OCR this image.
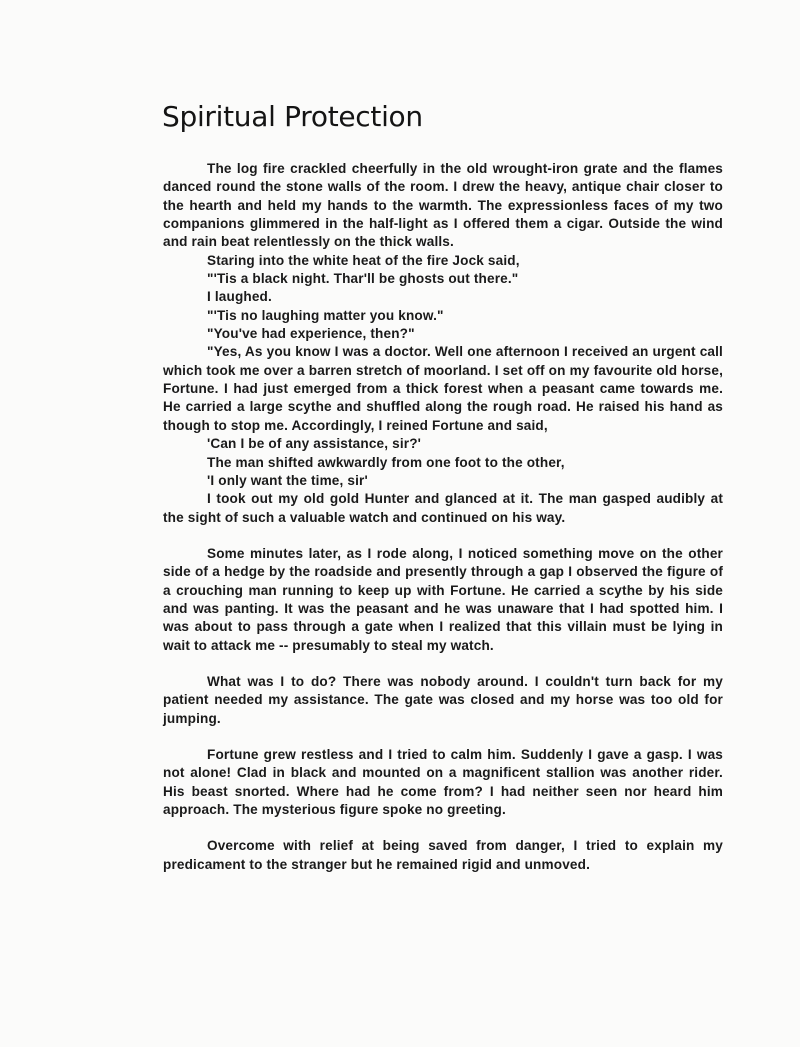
Spiritual Protection

The log fire crackled cheerfully in the old wrought-iron grate and the flames danced round the stone walls of the room. I drew the heavy, antique chair closer to the hearth and held my hands to the warmth. The expressionless faces of my two companions glimmered in the half-light as I offered them a cigar. Outside the wind and rain beat relentlessly on the thick walls.

Staring into the white heat of the fire Jock said,

"'Tis a black night. Thar'll be ghosts out there."

I laughed.

"'Tis no laughing matter you know."

"You've had experience, then?"

"Yes, As you know I was a doctor. Well one afternoon I received an urgent call which took me over a barren stretch of moorland. I set off on my favourite old horse, Fortune. I had just emerged from a thick forest when a peasant came towards me. He carried a large scythe and shuffled along the rough road. He raised his hand as though to stop me. Accordingly, I reined Fortune and said,

'Can I be of any assistance, sir?'

The man shifted awkwardly from one foot to the other,

'I only want the time, sir'

I took out my old gold Hunter and glanced at it. The man gasped audibly at the sight of such a valuable watch and continued on his way.

Some minutes later, as I rode along, I noticed something move on the other side of a hedge by the roadside and presently through a gap I observed the figure of a crouching man running to keep up with Fortune. He carried a scythe by his side and was panting. It was the peasant and he was unaware that I had spotted him. I was about to pass through a gate when I realized that this villain must be lying in wait to attack me -- presumably to steal my watch.

What was I to do? There was nobody around. I couldn't turn back for my patient needed my assistance. The gate was closed and my horse was too old for jumping.

Fortune grew restless and I tried to calm him. Suddenly I gave a gasp. I was not alone! Clad in black and mounted on a magnificent stallion was another rider. His beast snorted. Where had he come from? I had neither seen nor heard him approach. The mysterious figure spoke no greeting.

Overcome with relief at being saved from danger, I tried to explain my predicament to the stranger but he remained rigid and unmoved.
